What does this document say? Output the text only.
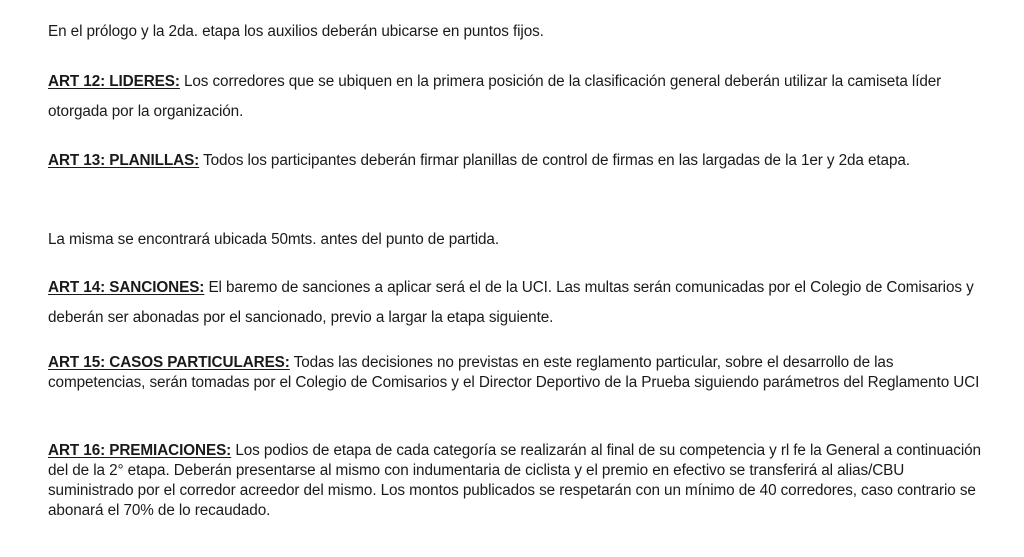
En el prólogo y la 2da. etapa los auxilios deberán ubicarse en puntos fijos.

ART 12: LIDERES: Los corredores que se ubiquen en la primera posición de la clasificación general deberán utilizar la camiseta líder otorgada por la organización.

ART 13: PLANILLAS: Todos los participantes deberán firmar planillas de control de firmas en las largadas de la 1er y 2da etapa.

La misma se encontrará ubicada 50mts. antes del punto de partida.

ART 14: SANCIONES: El baremo de sanciones a aplicar será el de la UCI. Las multas serán comunicadas por el Colegio de Comisarios y deberán ser abonadas por el sancionado, previo a largar la etapa siguiente.

ART 15: CASOS PARTICULARES: Todas las decisiones no previstas en este reglamento particular, sobre el desarrollo de las competencias, serán tomadas por el Colegio de Comisarios y el Director Deportivo de la Prueba siguiendo parámetros del Reglamento UCI

ART 16: PREMIACIONES: Los podios de etapa de cada categoría se realizarán al final de su competencia y rl fe la General a continuación del de la 2° etapa. Deberán presentarse al mismo con indumentaria de ciclista y el premio en efectivo se transferirá al alias/CBU suministrado por el corredor acreedor del mismo. Los montos publicados se respetarán con un mínimo de 40 corredores, caso contrario se abonará el 70% de lo recaudado.
